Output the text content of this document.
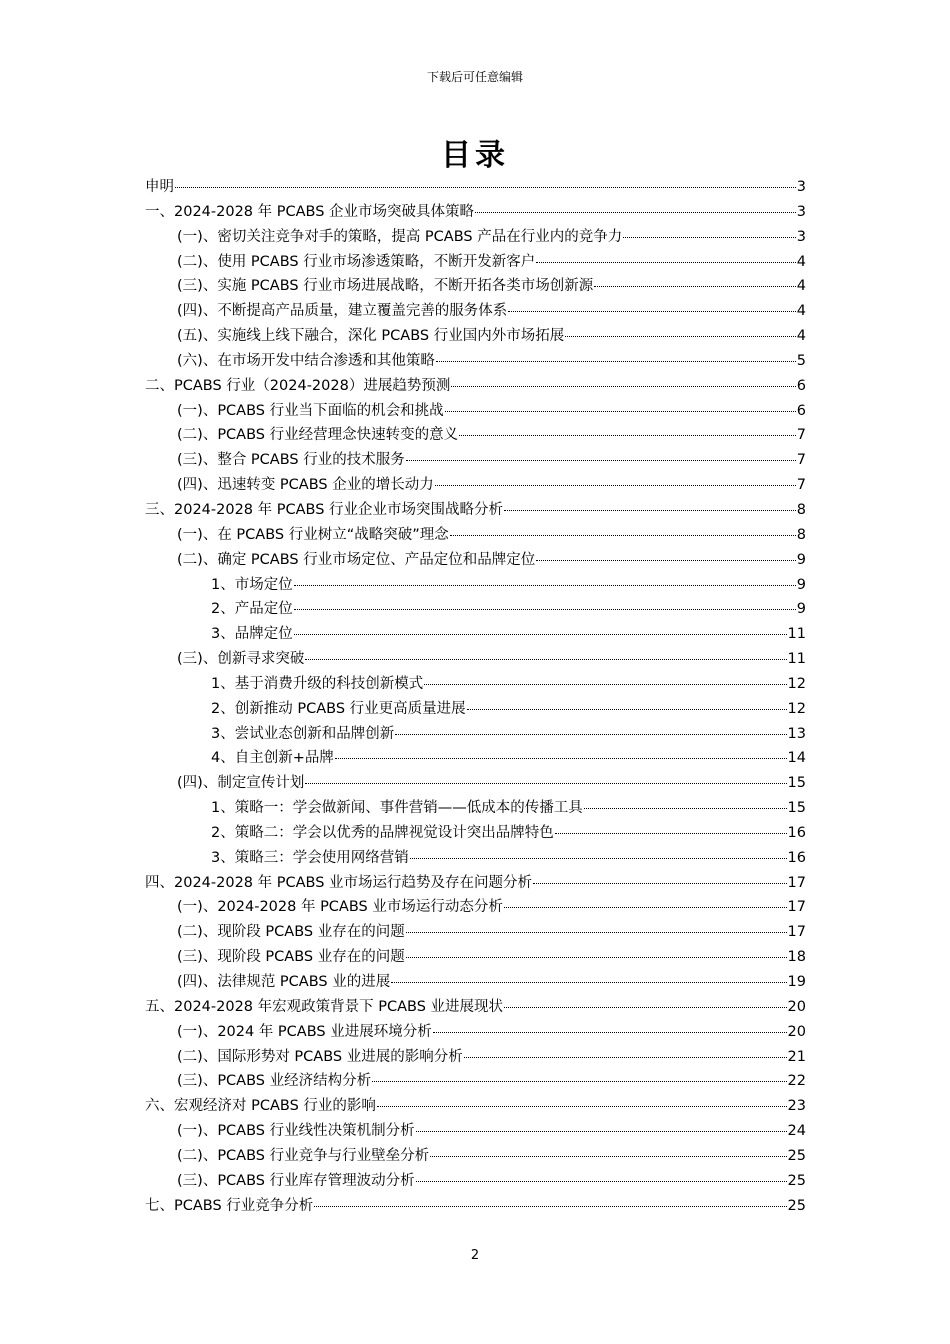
下载后可任意编辑
目录
申明	3
一、2024-2028 年 PCABS 企业市场突破具体策略	3
(一)、密切关注竞争对手的策略，提高 PCABS 产品在行业内的竞争力	3
(二)、使用 PCABS 行业市场渗透策略，不断开发新客户	4
(三)、实施 PCABS 行业市场进展战略，不断开拓各类市场创新源	4
(四)、不断提高产品质量，建立覆盖完善的服务体系	4
(五)、实施线上线下融合，深化 PCABS 行业国内外市场拓展	4
(六)、在市场开发中结合渗透和其他策略	5
二、PCABS 行业（2024-2028）进展趋势预测	6
(一)、PCABS 行业当下面临的机会和挑战	6
(二)、PCABS 行业经营理念快速转变的意义	7
(三)、整合 PCABS 行业的技术服务	7
(四)、迅速转变 PCABS 企业的增长动力	7
三、2024-2028 年 PCABS 行业企业市场突围战略分析	8
(一)、在 PCABS 行业树立“战略突破”理念	8
(二)、确定 PCABS 行业市场定位、产品定位和品牌定位	9
1、市场定位	9
2、产品定位	9
3、品牌定位	11
(三)、创新寻求突破	11
1、基于消费升级的科技创新模式	12
2、创新推动 PCABS 行业更高质量进展	12
3、尝试业态创新和品牌创新	13
4、自主创新+品牌	14
(四)、制定宣传计划	15
1、策略一：学会做新闻、事件营销——低成本的传播工具	15
2、策略二：学会以优秀的品牌视觉设计突出品牌特色	16
3、策略三：学会使用网络营销	16
四、2024-2028 年 PCABS 业市场运行趋势及存在问题分析	17
(一)、2024-2028 年 PCABS 业市场运行动态分析	17
(二)、现阶段 PCABS 业存在的问题	17
(三)、现阶段 PCABS 业存在的问题	18
(四)、法律规范 PCABS 业的进展	19
五、2024-2028 年宏观政策背景下 PCABS 业进展现状	20
(一)、2024 年 PCABS 业进展环境分析	20
(二)、国际形势对 PCABS 业进展的影响分析	21
(三)、PCABS 业经济结构分析	22
六、宏观经济对 PCABS 行业的影响	23
(一)、PCABS 行业线性决策机制分析	24
(二)、PCABS 行业竞争与行业壁垒分析	25
(三)、PCABS 行业库存管理波动分析	25
七、PCABS 行业竞争分析	25
2
